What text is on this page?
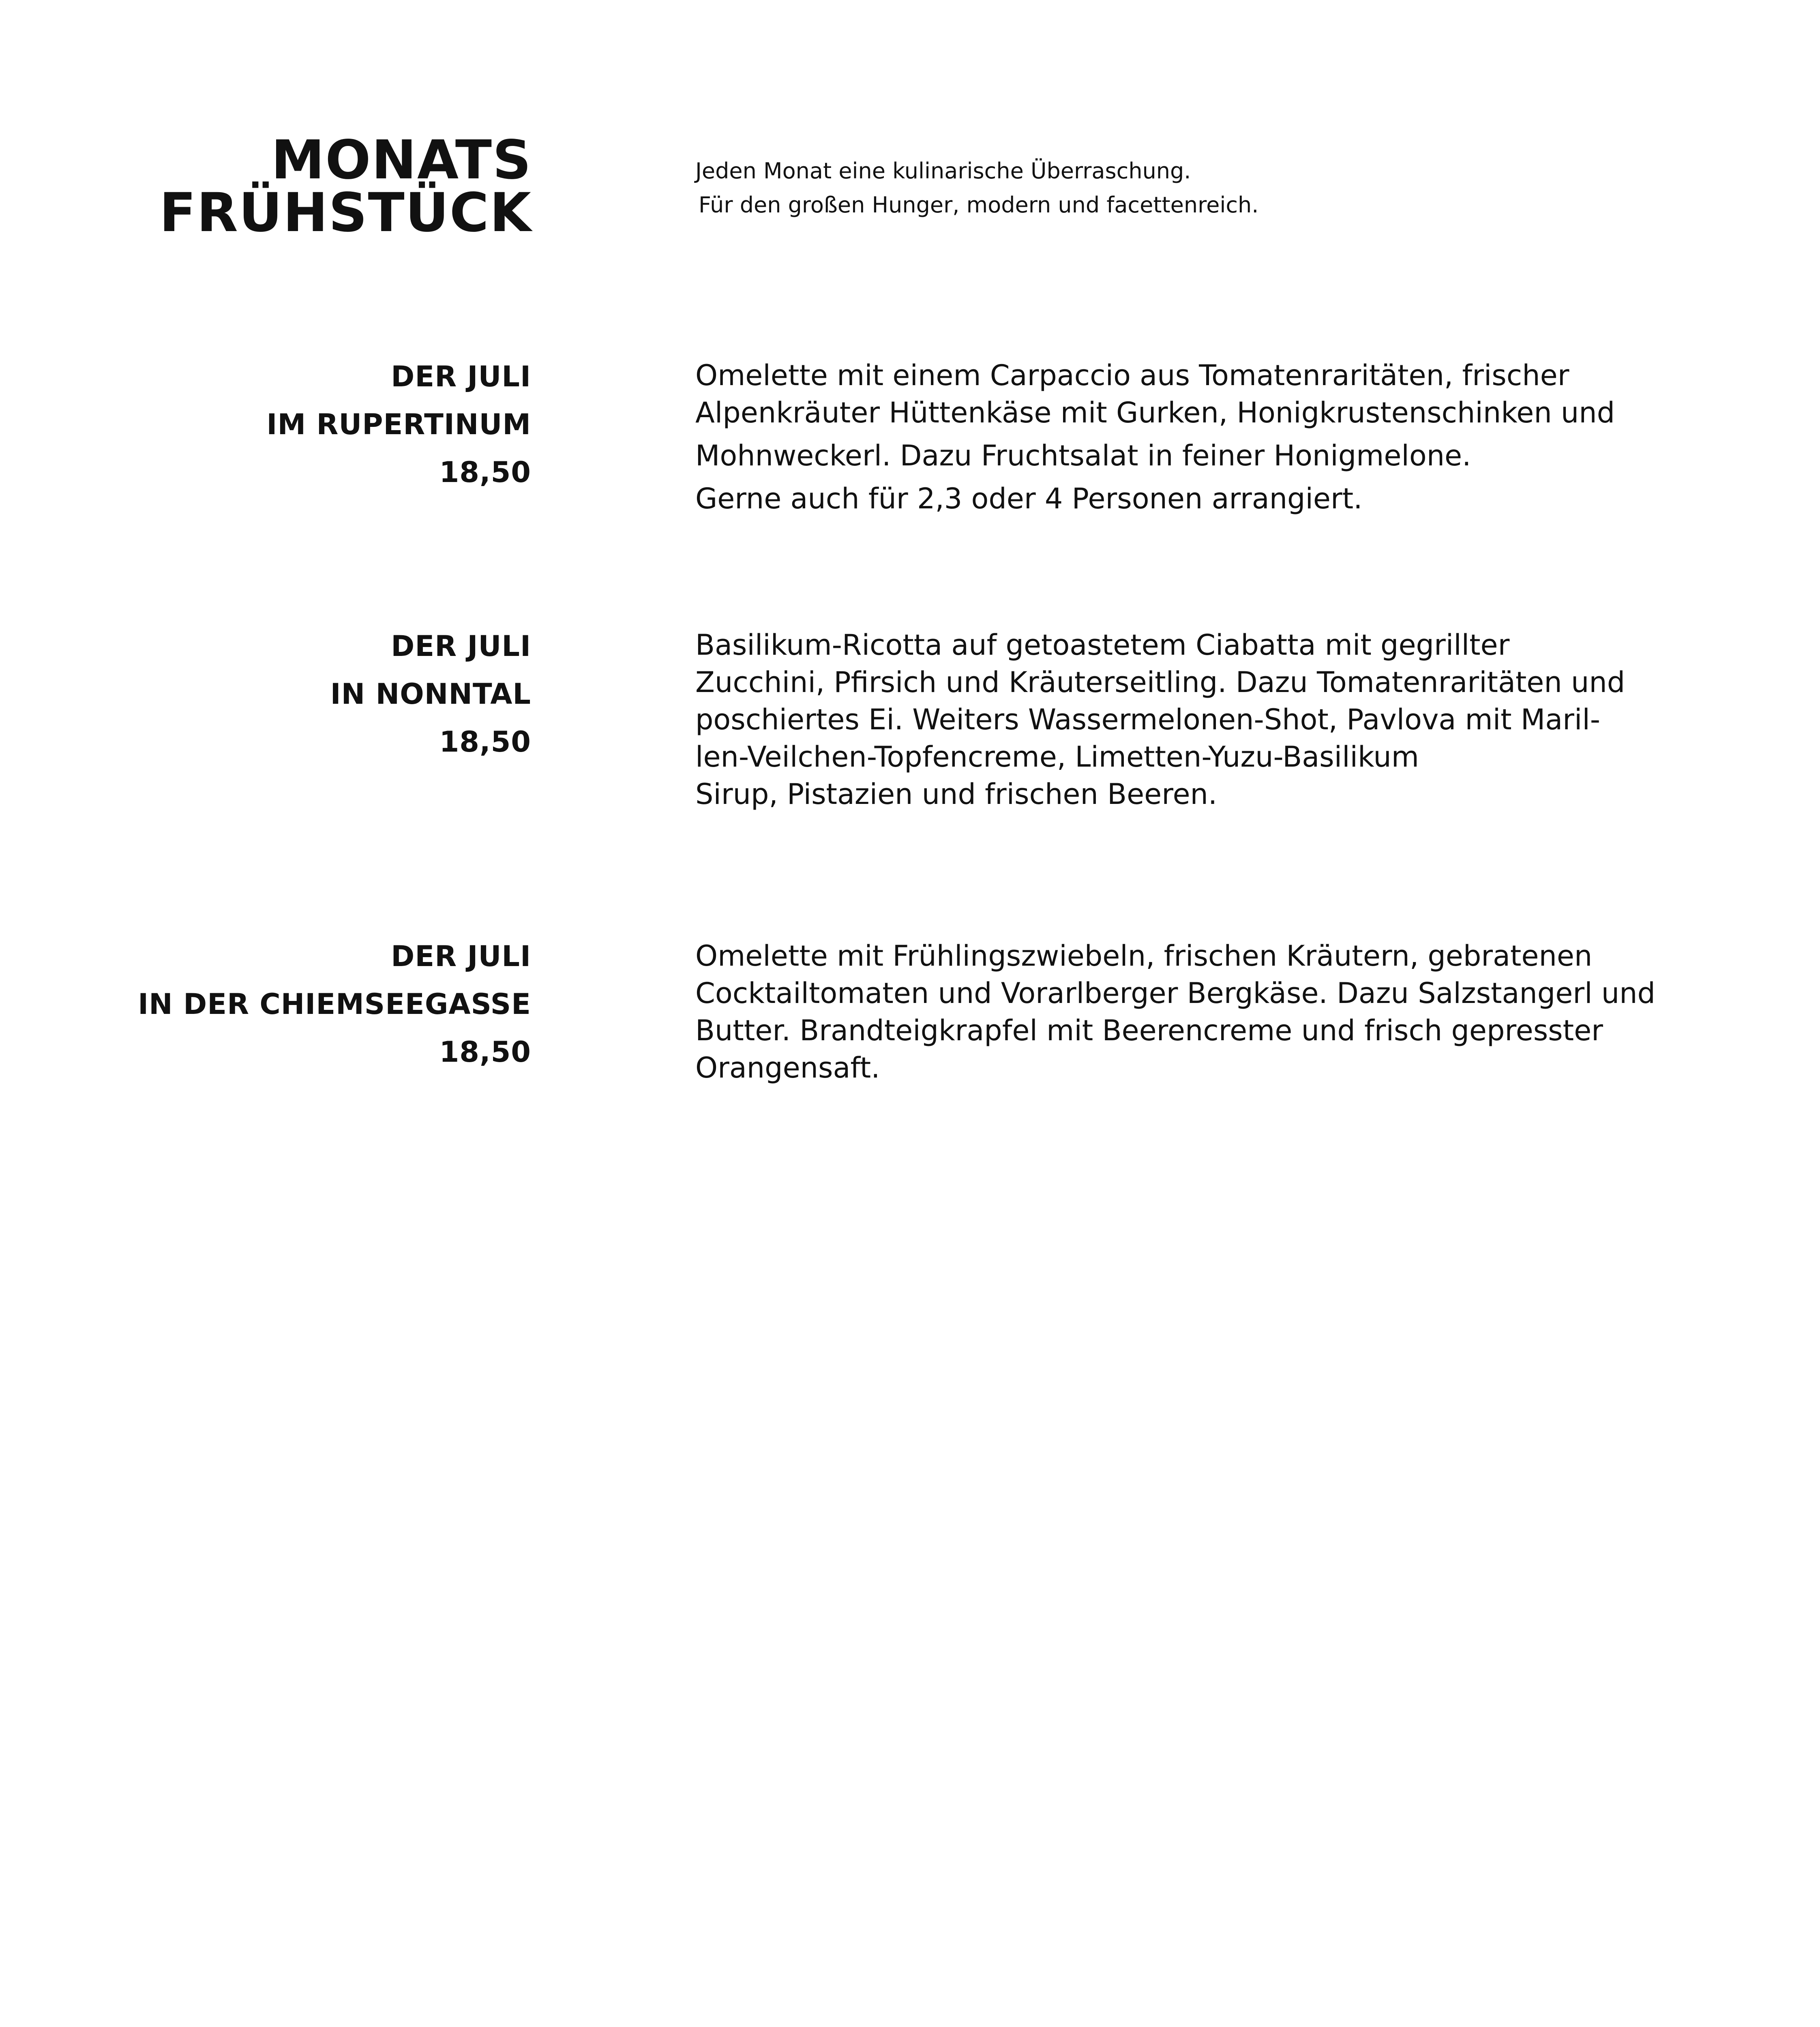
MONATS
FRÜHSTÜCK
Jeden Monat eine kulinarische Überraschung.
Für den großen Hunger, modern und facettenreich.
DER JULI
IM RUPERTINUM
18,50
Omelette mit einem Carpaccio aus Tomatenraritäten, frischer
Alpenkräuter Hüttenkäse mit Gurken, Honigkrustenschinken und
Mohnweckerl. Dazu Fruchtsalat in feiner Honigmelone.
Gerne auch für 2,3 oder 4 Personen arrangiert.
DER JULI
IN NONNTAL
18,50
Basilikum-Ricotta auf getoastetem Ciabatta mit gegrillter
Zucchini, Pfirsich und Kräuterseitling. Dazu Tomatenraritäten und
poschiertes Ei. Weiters Wassermelonen-Shot, Pavlova mit Maril-
len-Veilchen-Topfencreme, Limetten-Yuzu-Basilikum
Sirup, Pistazien und frischen Beeren.
DER JULI
IN DER CHIEMSEEGASSE
18,50
Omelette mit Frühlingszwiebeln, frischen Kräutern, gebratenen
Cocktailtomaten und Vorarlberger Bergkäse. Dazu Salzstangerl und
Butter. Brandteigkrapfel mit Beerencreme und frisch gepresster
Orangensaft.
